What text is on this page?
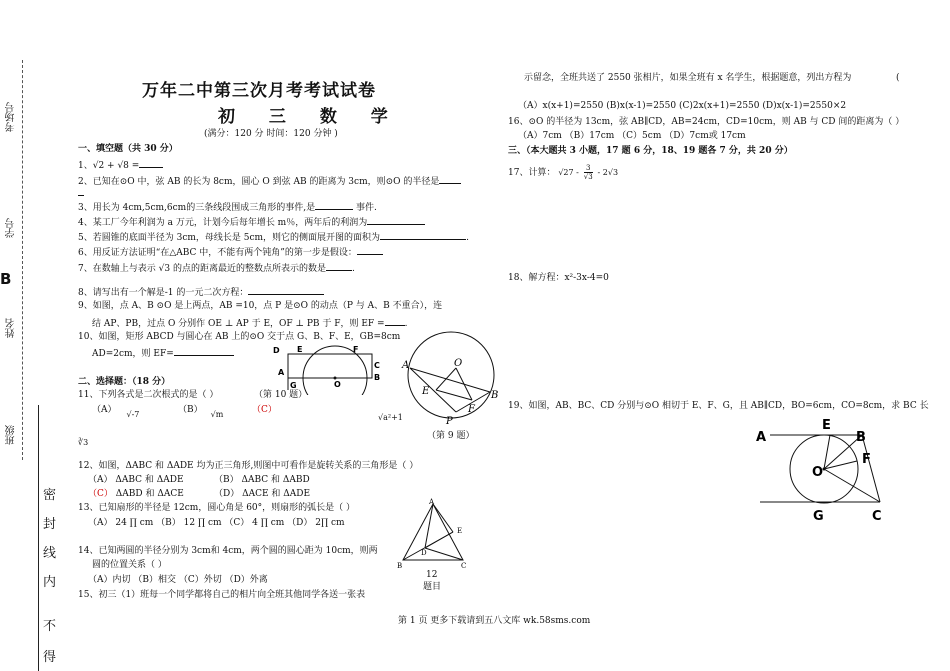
考场号
学号
B
姓名
班级
密
封
线
内
不
得
万年二中第三次月考考试试卷
初 三 数 学
(满分：120 分 时间：120 分钟 )
一、填空题（共 30 分）
1、√2 + √8 =
2、已知在⊙O 中，弦 AB 的长为 8cm，圆心 O 到弦 AB 的距离为 3cm，则⊙O 的半径是
3、用长为 4cm,5cm,6cm的三条线段围成三角形的事件,是	事件.
4、某工厂今年利润为 a 万元，计划今后每年增长 m％，两年后的利润为
5、若圆锥的底面半径为 3cm，母线长是 5cm，则它的侧面展开图的面积为	.
6、用反证方法证明“在△ABC 中，不能有两个钝角”的第一步是假设：
7、在数轴上与表示 √3 的点的距离最近的整数点所表示的数是	.
8、请写出有一个解是-1 的一元二次方程：
9、如图，点 A、B ⊙O 是上两点，AB =10，点 P 是⊙O 的动点（P 与 A、B 不重合），连
结 AP、PB，过点 O 分别作 OE ⊥ AP 于 E，OF ⊥ PB 于 F，则 EF = .
10、如图，矩形 ABCD 与圆心在 AB 上的⊙O 交于点 G、B、F、E，GB=8cm
AD=2cm，则 EF=
二、选择题：（18 分）
11、下列各式是二次根式的是（ ）	（第 10 题）
（A） √-7	（B） √m	（C）
√a²+1
∛3
（第 9 题）
12、如图，ΔABC 和 ΔADE 均为正三角形,则图中可看作是旋转关系的三角形是（ ）
（A） ΔABC 和 ΔADE	（B） ΔABC 和 ΔABD
（C） ΔABD 和 ΔACE	（D） ΔACE 和 ΔADE
13、已知扇形的半径是 12cm，圆心角是 60°，则扇形的弧长是（ ）
（A） 24 ∏ cm （B） 12 ∏ cm （C） 4 ∏ cm （D） 2∏ cm
14、已知两圆的半径分别为 3cm和 4cm，两个圆的圆心距为 10cm，则两
圆的位置关系（ ）
（A）内切 （B）相交 （C）外切 （D）外离
15、初三（1）班每一个同学都将自己的相片向全班其他同学各送一张表
12
题目
D E	F
C
A
G	O
B
A	O
E	B
F
P
A
E
D
B	C
示留念，全班共送了 2550 张相片，如果全班有 x 名学生，根据题意，列出方程为	(
（A）x(x+1)=2550 (B)x(x-1)=2550 (C)2x(x+1)=2550 (D)x(x-1)=2550×2
16、⊙O 的半径为 13cm，弦 AB∥CD，AB=24cm，CD=10cm，则 AB 与 CD 间的距离为（ ）
（A）7cm （B）17cm （C）5cm （D）7cm或 17cm
三、（本大题共 3 小题，17 题 6 分，18、19 题各 7 分，共 20 分）
17、计算： $√27 - \frac{3}{√3} - 2√3$
18、解方程：x²-3x-4=0
19、如图，AB、BC、CD 分别与⊙O 相切于 E、F、G，且 AB∥CD，BO=6cm，CO=8cm，求 BC 长
A
E
B
F
O
G	C
第 1 页 更多下载请到五八文库 wk.58sms.com
